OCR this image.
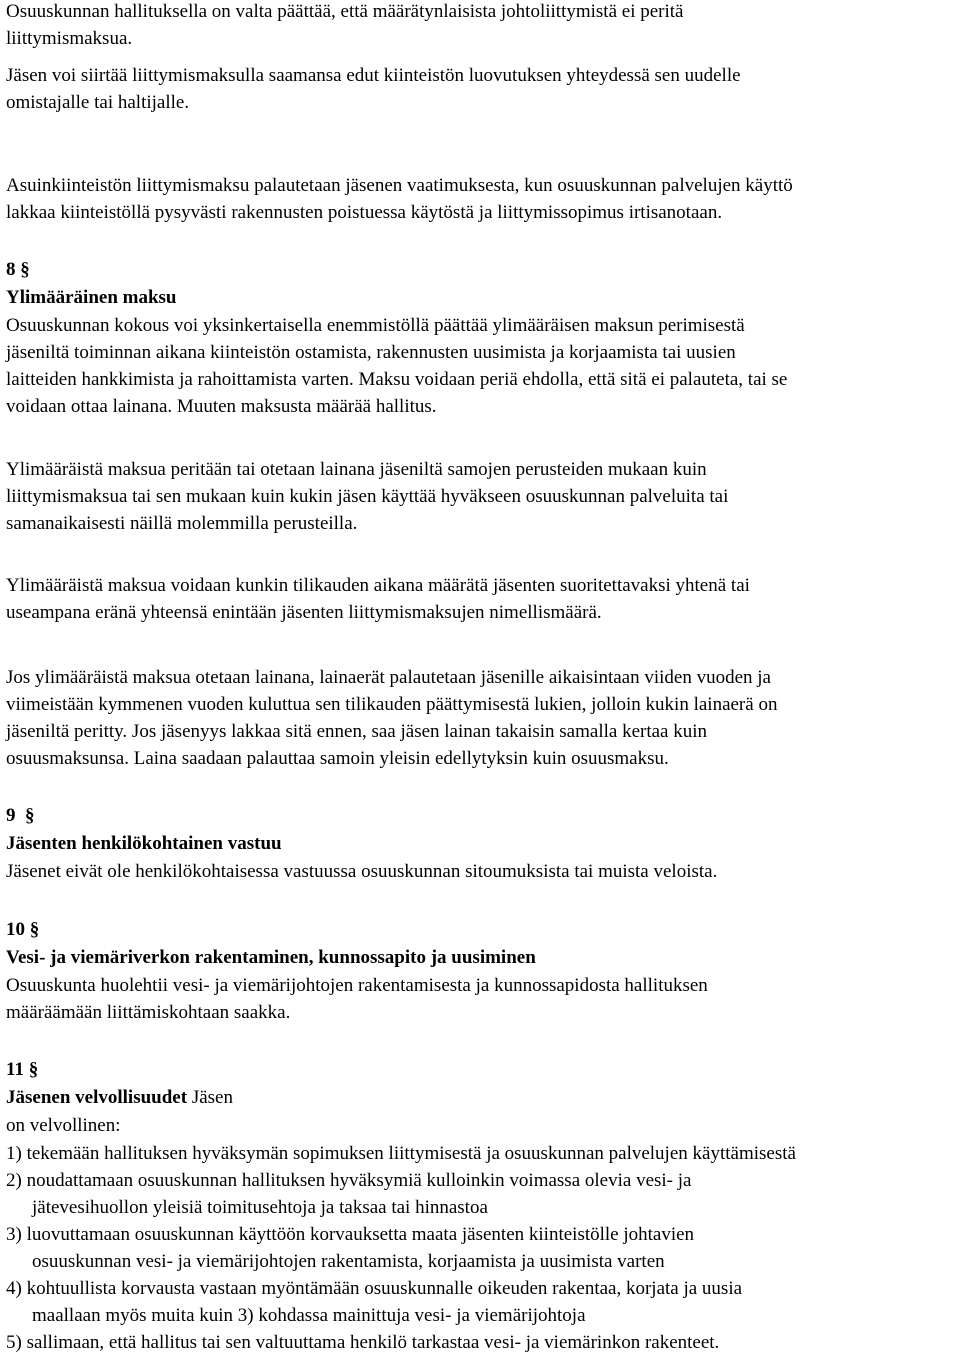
Osuuskunnan hallituksella on valta päättää, että määrätynlaisista johtoliittymistä ei peritä
liittymismaksua.

Jäsen voi siirtää liittymismaksulla saamansa edut kiinteistön luovutuksen yhteydessä sen uudelle
omistajalle tai haltijalle.

Asuinkiinteistön liittymismaksu palautetaan jäsenen vaatimuksesta, kun osuuskunnan palvelujen käyttö
lakkaa kiinteistöllä pysyvästi rakennusten poistuessa käytöstä ja liittymissopimus irtisanotaan.

8 §

Ylimääräinen maksu

Osuuskunnan kokous voi yksinkertaisella enemmistöllä päättää ylimääräisen maksun perimisestä
jäseniltä toiminnan aikana kiinteistön ostamista, rakennusten uusimista ja korjaamista tai uusien
laitteiden hankkimista ja rahoittamista varten. Maksu voidaan periä ehdolla, että sitä ei palauteta, tai se
voidaan ottaa lainana. Muuten maksusta määrää hallitus.

Ylimääräistä maksua peritään tai otetaan lainana jäseniltä samojen perusteiden mukaan kuin
liittymismaksua tai sen mukaan kuin kukin jäsen käyttää hyväkseen osuuskunnan palveluita tai
samanaikaisesti näillä molemmilla perusteilla.

Ylimääräistä maksua voidaan kunkin tilikauden aikana määrätä jäsenten suoritettavaksi yhtenä tai
useampana eränä yhteensä enintään jäsenten liittymismaksujen nimellismäärä.

Jos ylimääräistä maksua otetaan lainana, lainaerät palautetaan jäsenille aikaisintaan viiden vuoden ja
viimeistään kymmenen vuoden kuluttua sen tilikauden päättymisestä lukien, jolloin kukin lainaerä on
jäseniltä peritty. Jos jäsenyys lakkaa sitä ennen, saa jäsen lainan takaisin samalla kertaa kuin
osuusmaksunsa. Laina saadaan palauttaa samoin yleisin edellytyksin kuin osuusmaksu.

9  §

Jäsenten henkilökohtainen vastuu

Jäsenet eivät ole henkilökohtaisessa vastuussa osuuskunnan sitoumuksista tai muista veloista.

10 §

Vesi- ja viemäriverkon rakentaminen, kunnossapito ja uusiminen

Osuuskunta huolehtii vesi- ja viemärijohtojen rakentamisesta ja kunnossapidosta hallituksen
määräämään liittämiskohtaan saakka.

11 §

Jäsenen velvollisuudet Jäsen

on velvollinen:

1) tekemään hallituksen hyväksymän sopimuksen liittymisestä ja osuuskunnan palvelujen käyttämisestä
2) noudattamaan osuuskunnan hallituksen hyväksymiä kulloinkin voimassa olevia vesi- ja
jätevesihuollon yleisiä toimitusehtoja ja taksaa tai hinnastoa
3) luovuttamaan osuuskunnan käyttöön korvauksetta maata jäsenten kiinteistölle johtavien
osuuskunnan vesi- ja viemärijohtojen rakentamista, korjaamista ja uusimista varten
4) kohtuullista korvausta vastaan myöntämään osuuskunnalle oikeuden rakentaa, korjata ja uusia
maallaan myös muita kuin 3) kohdassa mainittuja vesi- ja viemärijohtoja
5) sallimaan, että hallitus tai sen valtuuttama henkilö tarkastaa vesi- ja viemärinkon rakenteet.
